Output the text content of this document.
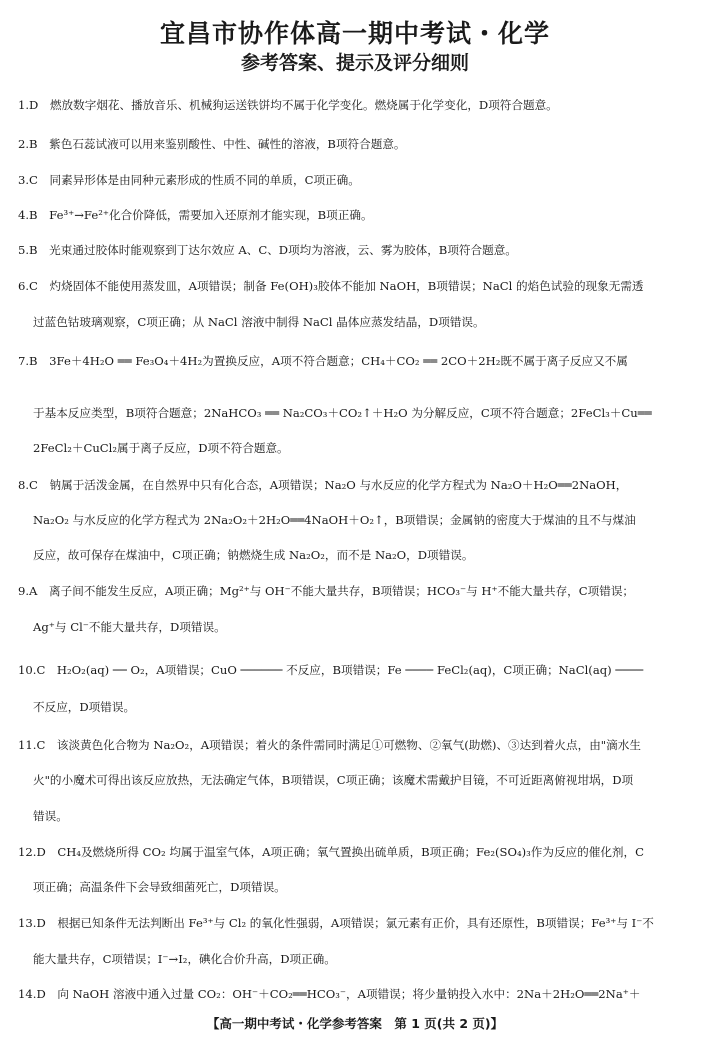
宜昌市协作体高一期中考试・化学
参考答案、提示及评分细则
1.D　燃放数字烟花、播放音乐、机械狗运送铁饼均不属于化学变化。燃烧属于化学变化，D项符合题意。
2.B　紫色石蕊试液可以用来鉴别酸性、中性、碱性的溶液，B项符合题意。
3.C　同素异形体是由同种元素形成的性质不同的单质，C项正确。
4.B　Fe³⁺→Fe²⁺化合价降低，需要加入还原剂才能实现，B项正确。
5.B　光束通过胶体时能观察到丁达尔效应 A、C、D项均为溶液，云、雾为胶体，B项符合题意。
6.C　灼烧固体不能使用蒸发皿，A项错误；制备 Fe(OH)₃胶体不能加 NaOH，B项错误；NaCl 的焰色试验的现象无需透
过蓝色钴玻璃观察，C项正确；从 NaCl 溶液中制得 NaCl 晶体应蒸发结晶，D项错误。
7.B　3Fe＋4H₂O ══ Fe₃O₄＋4H₂为置换反应，A项不符合题意；CH₄＋CO₂ ══ 2CO＋2H₂既不属于离子反应又不属
于基本反应类型，B项符合题意；2NaHCO₃ ══ Na₂CO₃＋CO₂↑＋H₂O 为分解反应，C项不符合题意；2FeCl₃＋Cu══
2FeCl₂＋CuCl₂属于离子反应，D项不符合题意。
8.C　钠属于活泼金属，在自然界中只有化合态，A项错误；Na₂O 与水反应的化学方程式为 Na₂O＋H₂O══2NaOH，
Na₂O₂ 与水反应的化学方程式为 2Na₂O₂＋2H₂O══4NaOH＋O₂↑，B项错误；金属钠的密度大于煤油的且不与煤油
反应，故可保存在煤油中，C项正确；钠燃烧生成 Na₂O₂，而不是 Na₂O，D项错误。
9.A　离子间不能发生反应，A项正确；Mg²⁺与 OH⁻不能大量共存，B项错误；HCO₃⁻与 H⁺不能大量共存，C项错误；
Ag⁺与 Cl⁻不能大量共存，D项错误。
10.C　H₂O₂(aq) ── O₂，A项错误；CuO ────── 不反应，B项错误；Fe ──── FeCl₂(aq)，C项正确；NaCl(aq) ────
不反应，D项错误。
11.C　该淡黄色化合物为 Na₂O₂，A项错误；着火的条件需同时满足①可燃物、②氧气(助燃)、③达到着火点，由"滴水生
火"的小魔术可得出该反应放热，无法确定气体，B项错误，C项正确；该魔术需戴护目镜，不可近距离俯视坩埚，D项
错误。
12.D　CH₄及燃烧所得 CO₂ 均属于温室气体，A项正确；氧气置换出硫单质，B项正确；Fe₂(SO₄)₃作为反应的催化剂，C
项正确；高温条件下会导致细菌死亡，D项错误。
13.D　根据已知条件无法判断出 Fe³⁺与 Cl₂ 的氧化性强弱，A项错误；氯元素有正价，具有还原性，B项错误；Fe³⁺与 I⁻不
能大量共存，C项错误；I⁻→I₂，碘化合价升高，D项正确。
14.D　向 NaOH 溶液中通入过量 CO₂：OH⁻＋CO₂══HCO₃⁻，A项错误；将少量钠投入水中：2Na＋2H₂O══2Na⁺＋
【高一期中考试・化学参考答案　第 1 页(共 2 页)】
